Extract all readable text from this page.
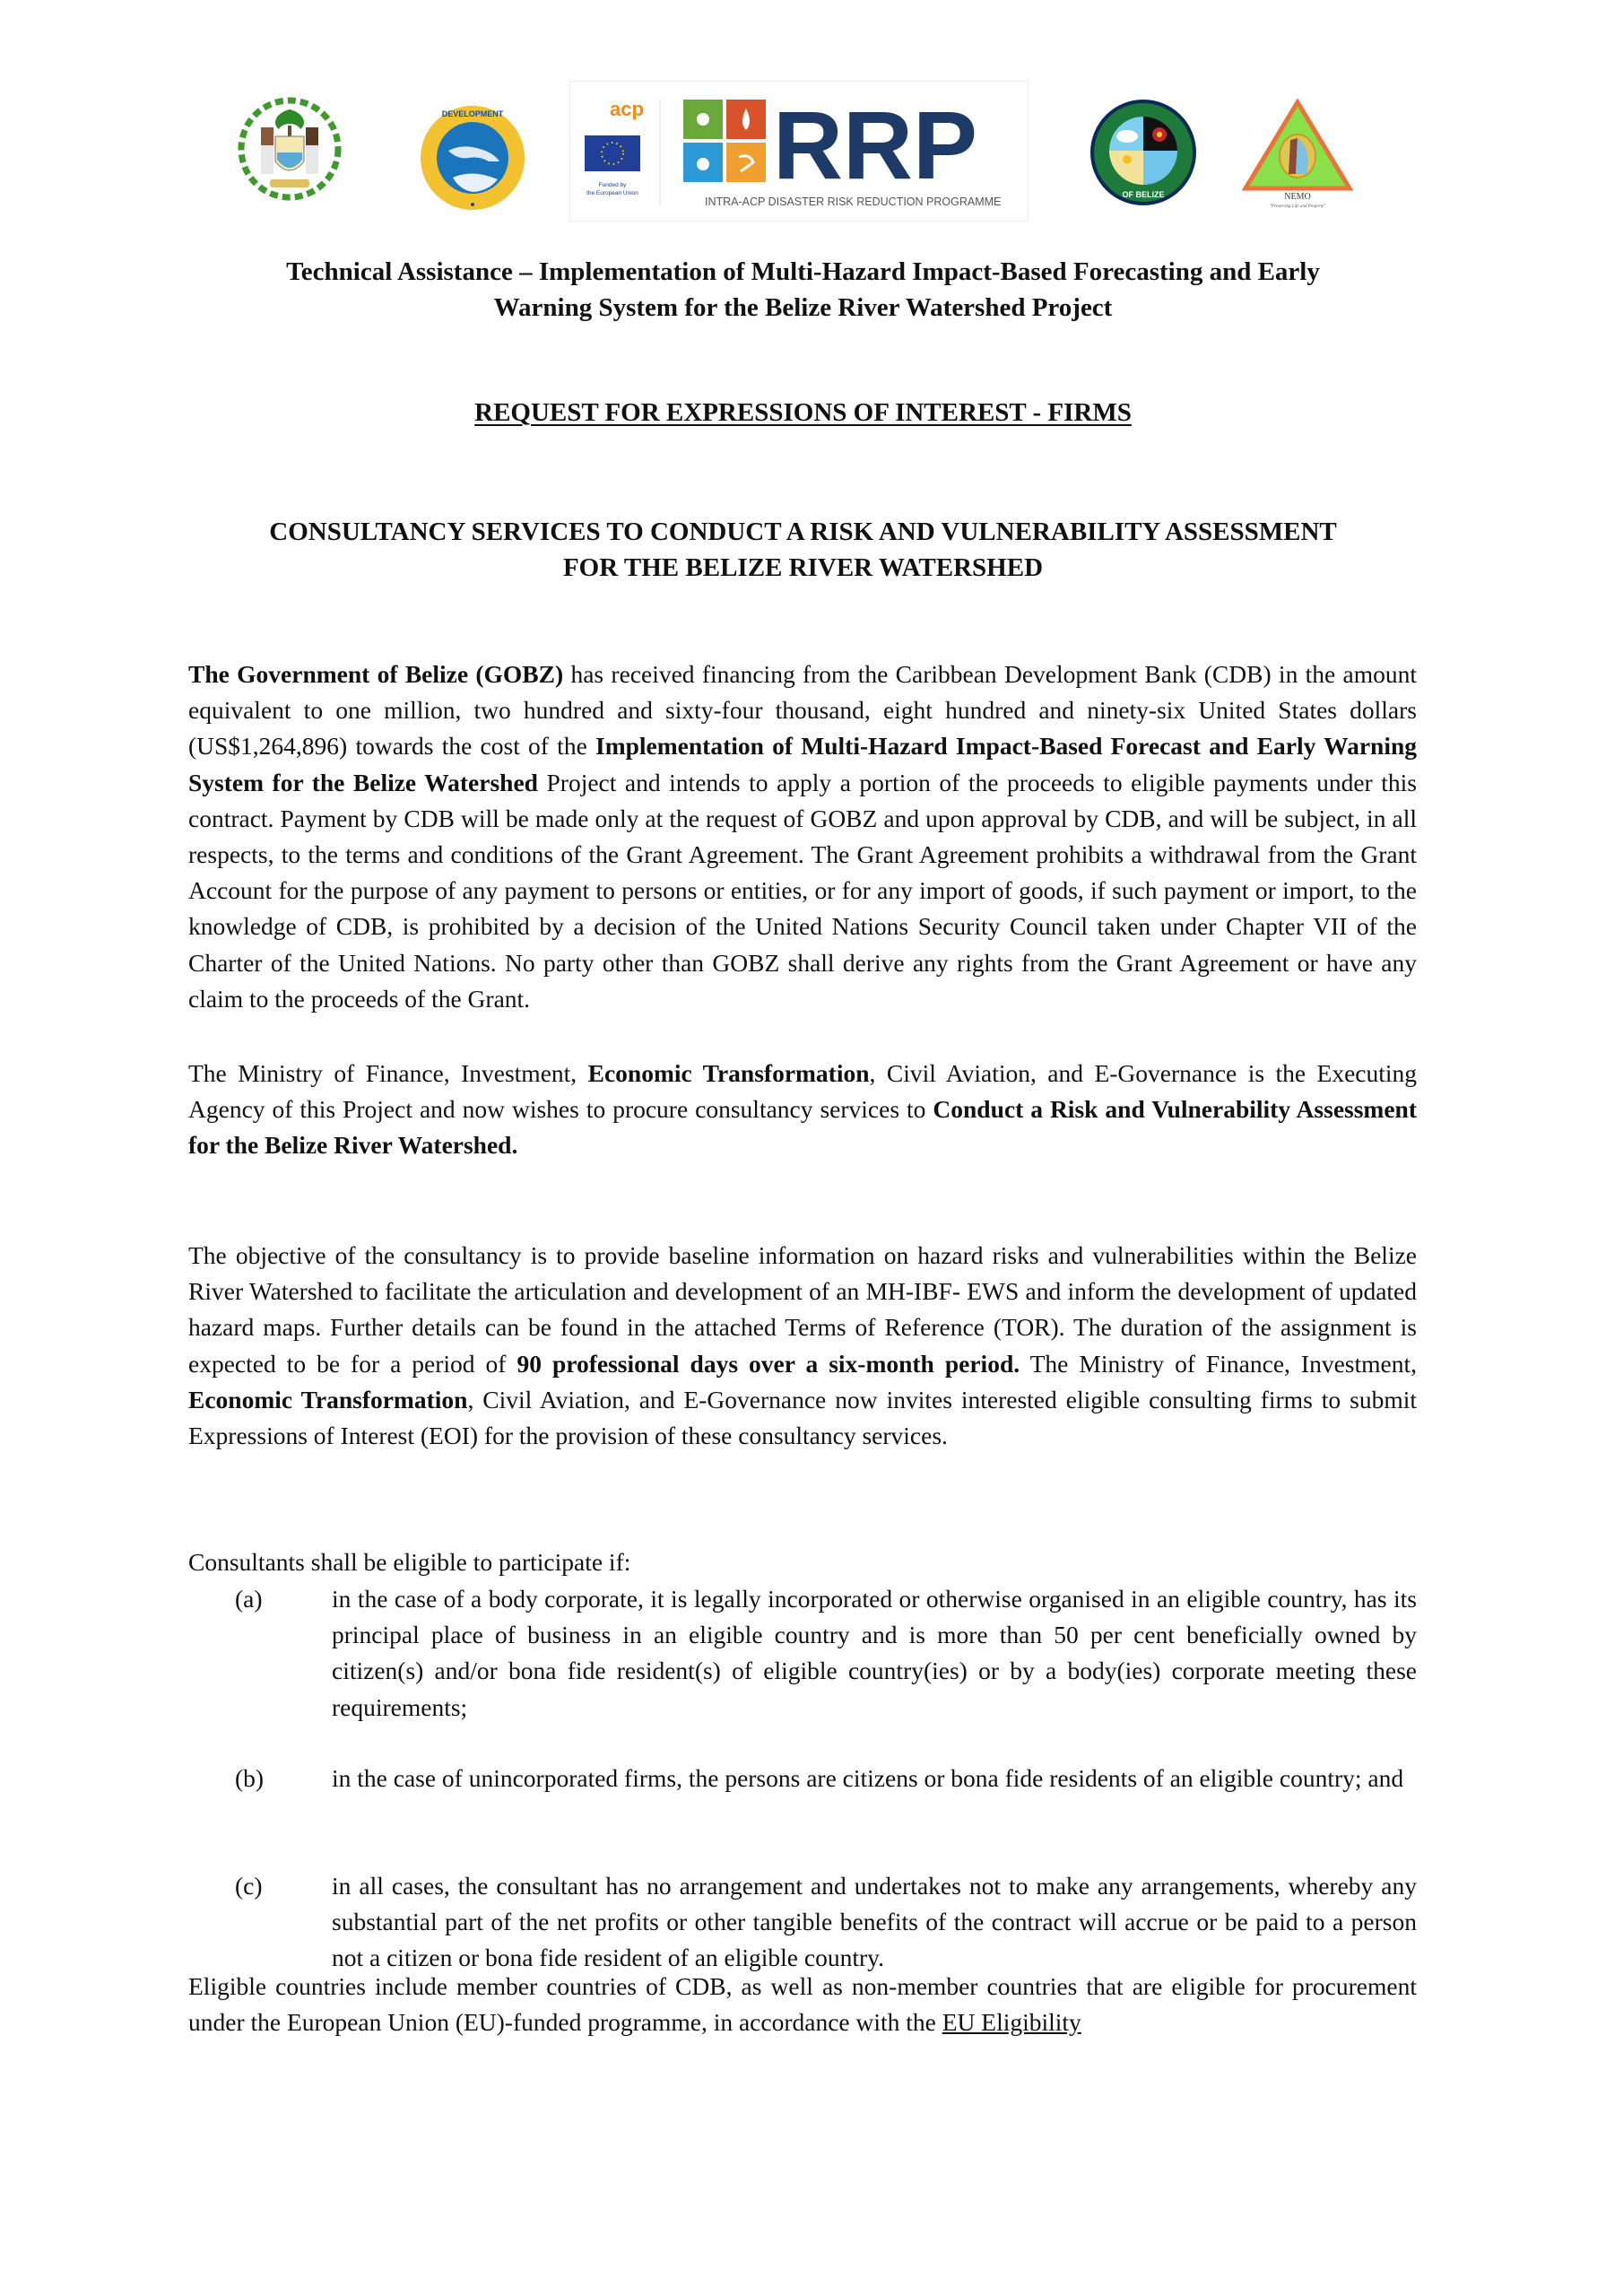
DEVELOPMENT	acp
Funded by
the European Union RRP
INTRA-ACP DISASTER RISK REDUCTION PROGRAMME
OF BELIZE	NEMO
"Preserving Life and Property"
Technical Assistance – Implementation of Multi-Hazard Impact-Based Forecasting and Early
Warning System for the Belize River Watershed Project
REQUEST FOR EXPRESSIONS OF INTEREST - FIRMS
CONSULTANCY SERVICES TO CONDUCT A RISK AND VULNERABILITY ASSESSMENT
FOR THE BELIZE RIVER WATERSHED
The Government of Belize (GOBZ) has received financing from the Caribbean Development Bank (CDB) in the amount equivalent to one million, two hundred and sixty-four thousand, eight hundred and ninety-six United States dollars (US$1,264,896) towards the cost of the Implementation of Multi-Hazard Impact-Based Forecast and Early Warning System for the Belize Watershed Project and intends to apply a portion of the proceeds to eligible payments under this contract. Payment by CDB will be made only at the request of GOBZ and upon approval by CDB, and will be subject, in all respects, to the terms and conditions of the Grant Agreement. The Grant Agreement prohibits a withdrawal from the Grant Account for the purpose of any payment to persons or entities, or for any import of goods, if such payment or import, to the knowledge of CDB, is prohibited by a decision of the United Nations Security Council taken under Chapter VII of the Charter of the United Nations. No party other than GOBZ shall derive any rights from the Grant Agreement or have any claim to the proceeds of the Grant.
The Ministry of Finance, Investment, Economic Transformation, Civil Aviation, and E-Governance is the Executing Agency of this Project and now wishes to procure consultancy services to Conduct a Risk and Vulnerability Assessment for the Belize River Watershed.
The objective of the consultancy is to provide baseline information on hazard risks and vulnerabilities within the Belize River Watershed to facilitate the articulation and development of an MH-IBF- EWS and inform the development of updated hazard maps. Further details can be found in the attached Terms of Reference (TOR). The duration of the assignment is expected to be for a period of 90 professional days over a six-month period. The Ministry of Finance, Investment, Economic Transformation, Civil Aviation, and E-Governance now invites interested eligible consulting firms to submit Expressions of Interest (EOI) for the provision of these consultancy services.
Consultants shall be eligible to participate if:
(a)	in the case of a body corporate, it is legally incorporated or otherwise organised in an eligible country, has its principal place of business in an eligible country and is more than 50 per cent beneficially owned by citizen(s) and/or bona fide resident(s) of eligible country(ies) or by a body(ies) corporate meeting these requirements;
(b)	in the case of unincorporated firms, the persons are citizens or bona fide residents of an eligible country; and
(c)	in all cases, the consultant has no arrangement and undertakes not to make any arrangements, whereby any substantial part of the net profits or other tangible benefits of the contract will accrue or be paid to a person not a citizen or bona fide resident of an eligible country.
Eligible countries include member countries of CDB, as well as non-member countries that are eligible for procurement under the European Union (EU)-funded programme, in accordance with the EU Eligibility
